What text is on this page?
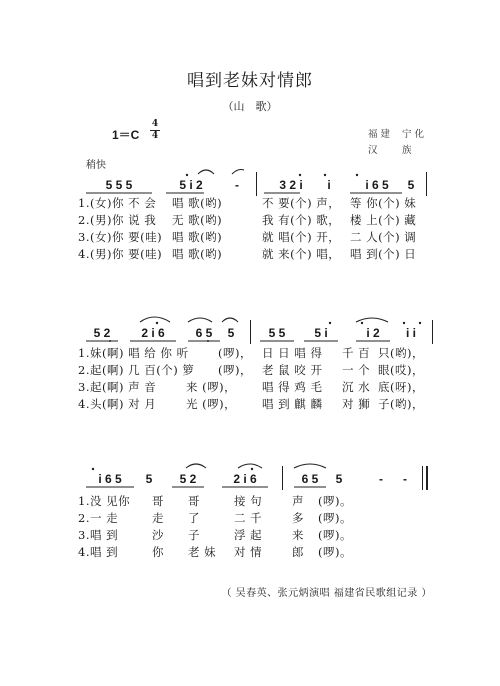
唱到老妹对情郎
（山　歌）
1＝C
4
4	福建 宁化
汉 族
稍快
5 5 5	5 i 2	-	3 2 i	i	i 6 5	5
1.(女)你 不 会 唱 歌(哟)	不 要(个) 声， 等 你(个) 妹
2.(男)你 说 我 无 歌(哟)	我 有(个) 歌， 楼 上(个) 藏
3.(女)你 要(哇) 唱 歌(哟)	就 唱(个) 开， 二 人(个) 调
4.(男)你 要(哇) 唱 歌(哟)	就 来(个) 唱， 唱 到(个) 日
5 2	2 i 6	6 5	5	5 5	5 i	i 2	i i
1.妹(啊) 唱 给 你 听	(啰)， 日 日 唱 得 千 百 只(哟)，
2.起(啊) 几 百(个) 箩 (啰)， 老 鼠 咬 开 一 个 眼(哎)，
3.起(啊) 声 音	来 (啰)， 唱 得 鸡 毛 沉 水 底(呀)，
4.头(啊) 对 月	光 (啰)， 唱 到 麒 麟 对 狮 子(哟)，
i 6 5	5	5 2	2 i 6	6 5	5	-	-
1.没 见你 哥 哥	接 句	声 (啰)。
2.一 走	走 了	二 千	多 (啰)。
3.唱 到	沙 子	浮 起	来 (啰)。
4.唱 到	你 老 妹 对 情	郎 (啰)。
（ 吴春英、张元炳演唱 福建省民歌组记录 ）
